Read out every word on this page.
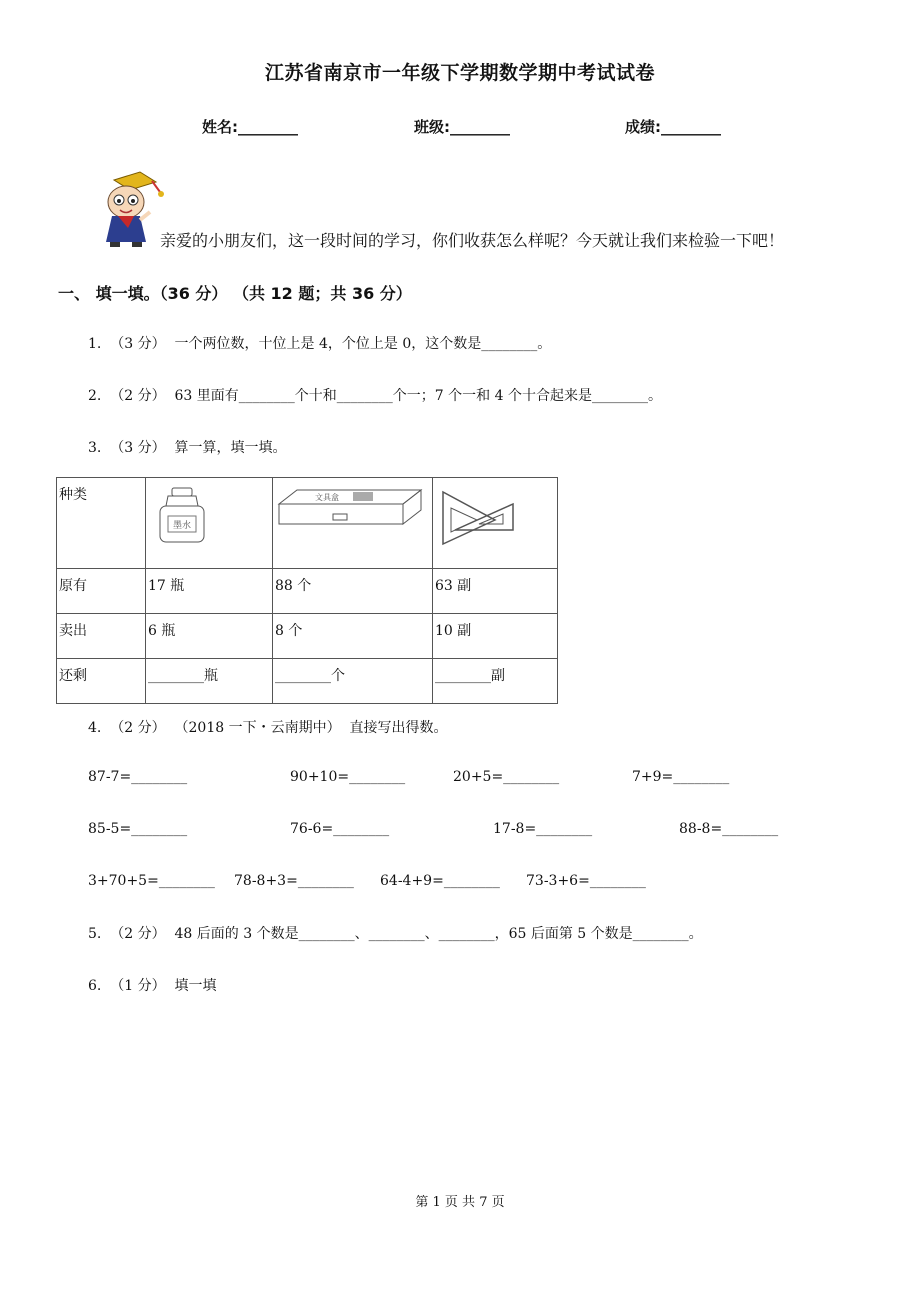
江苏省南京市一年级下学期数学期中考试试卷
姓名:________	班级:________	成绩:________
亲爱的小朋友们，这一段时间的学习，你们收获怎么样呢？今天就让我们来检验一下吧！
一、 填一填。（36 分） （共 12 题；共 36 分）
1.  （3 分）  一个两位数，十位上是 4，个位上是 0，这个数是________。
2.  （2 分）  63 里面有________个十和________个一；7 个一和 4 个十合起来是________。
3.  （3 分）  算一算，填一填。
种类	墨水	文具盒

原有	17 瓶	88 个	63 副
卖出	6 瓶	8 个	10 副
还剩	________瓶	________个	________副
4.  （2 分）  （2018 一下・云南期中）  直接写出得数。
87-7=________	90+10=________	20+5=________	7+9=________
85-5=________	76-6=________	17-8=________	88-8=________
3+70+5=________ 78-8+3=________ 64-4+9=________ 73-3+6=________
5.  （2 分）  48 后面的 3 个数是________、________、________，65 后面第 5 个数是________。
6.  （1 分）  填一填
第 1 页 共 7 页
